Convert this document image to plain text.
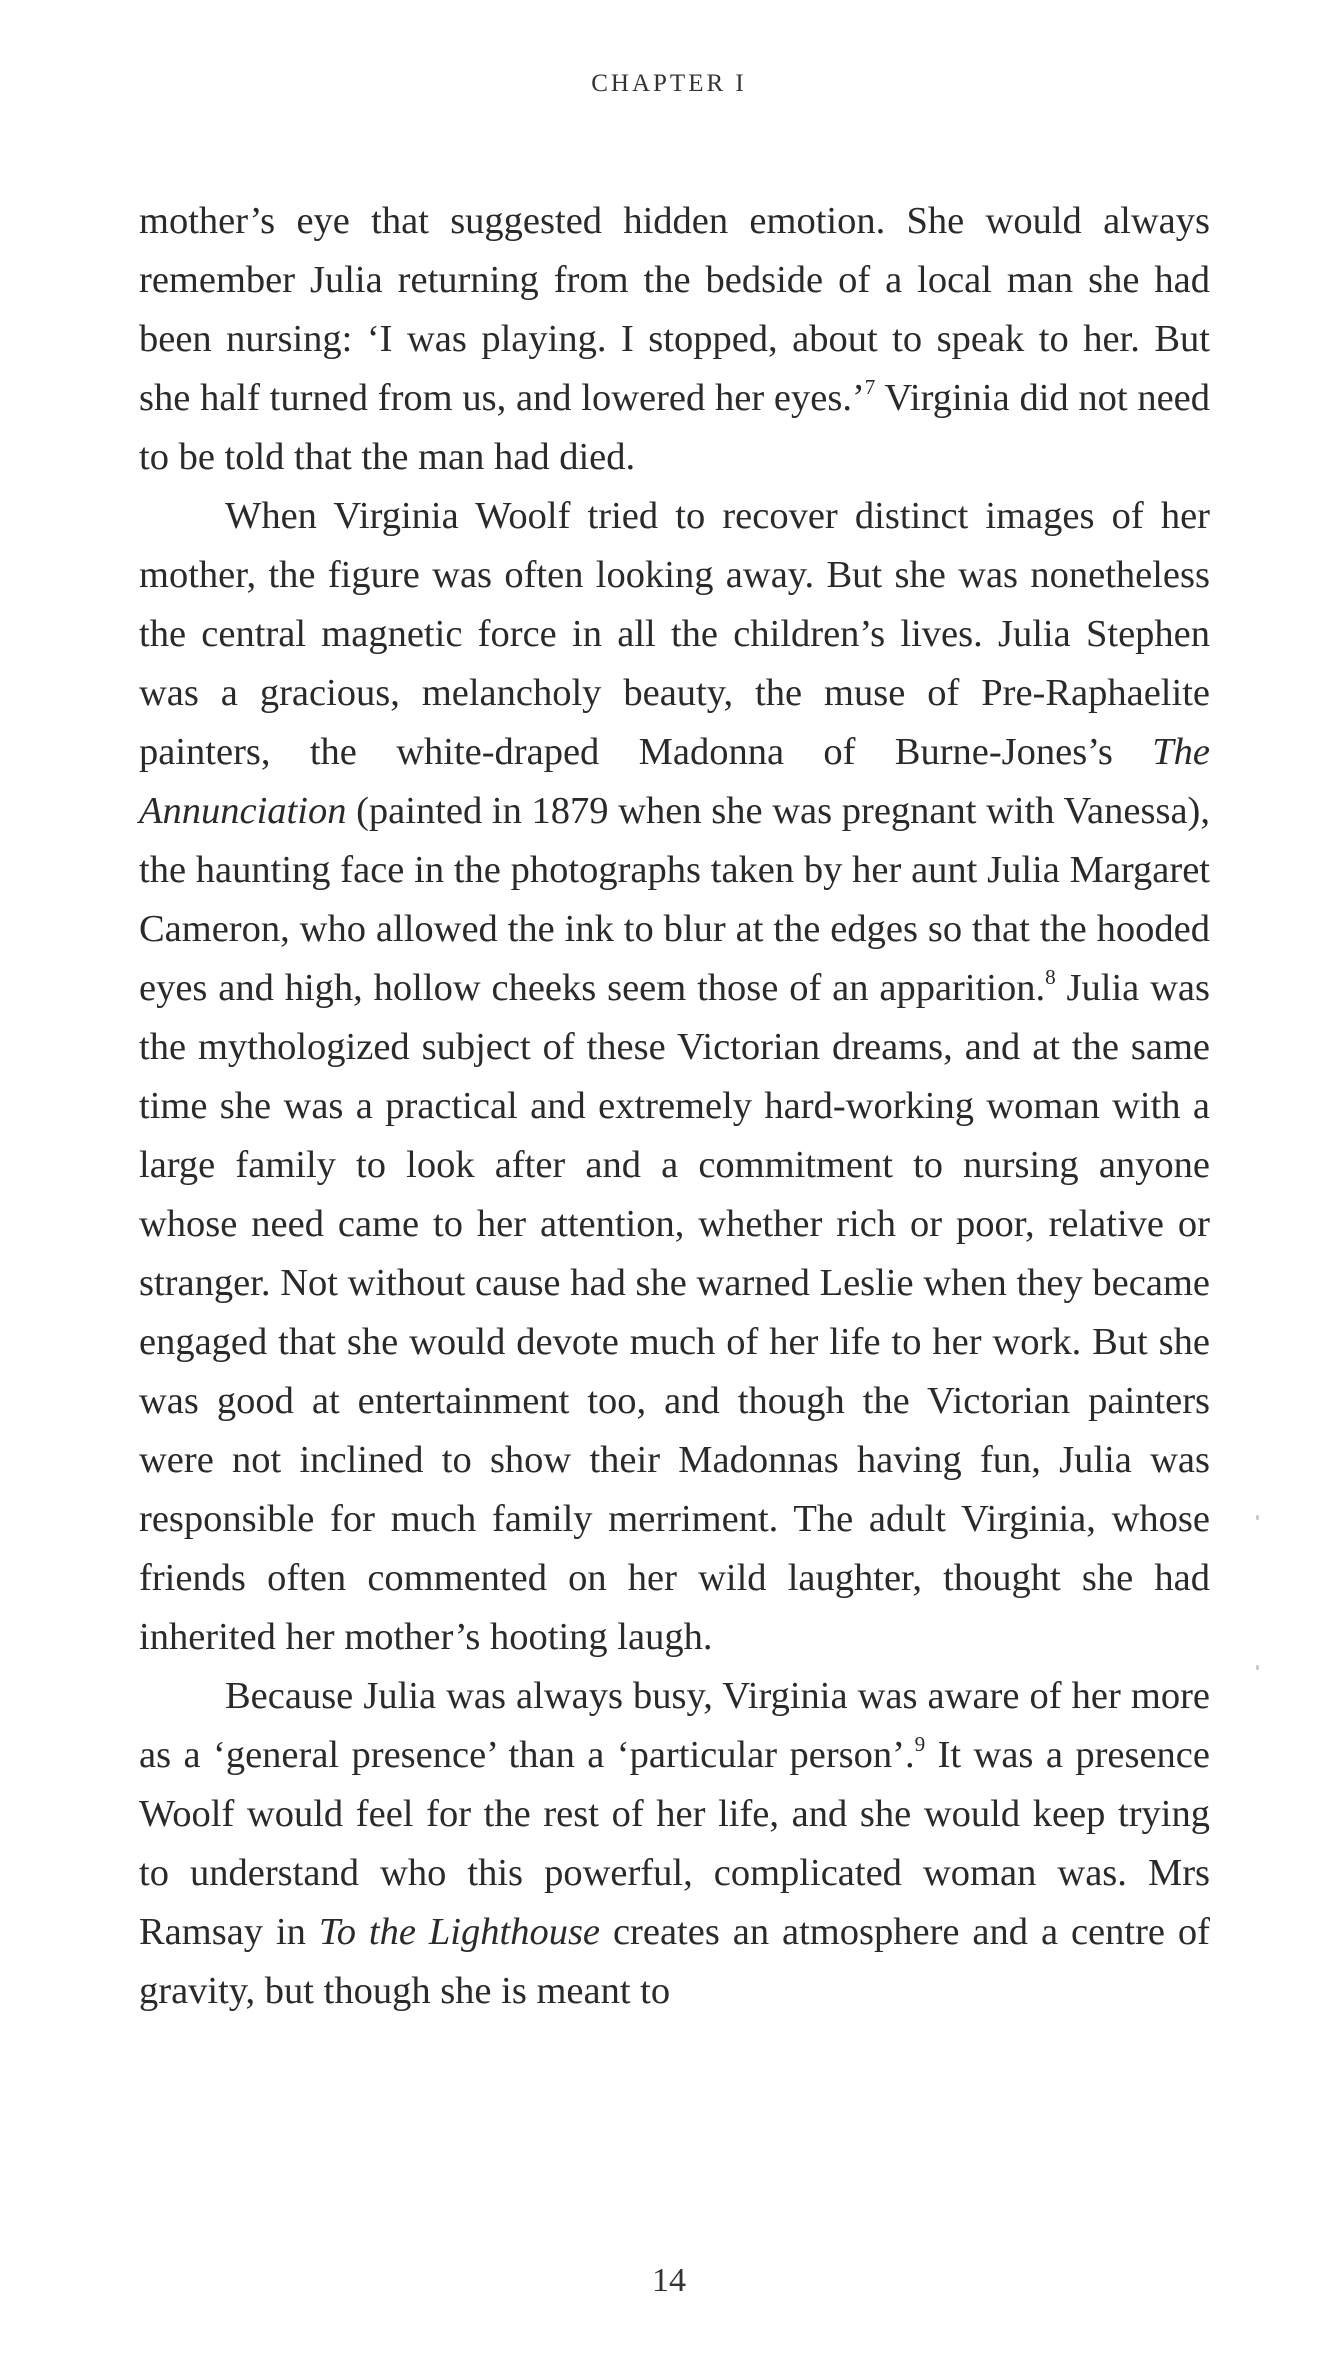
CHAPTER I

mother’s eye that suggested hidden emotion. She would always remember Julia returning from the bedside of a local man she had been nursing: ‘I was playing. I stopped, about to speak to her. But she half turned from us, and lowered her eyes.’$^7$ Virginia did not need to be told that the man had died.

When Virginia Woolf tried to recover distinct images of her mother, the figure was often looking away. But she was nonetheless the central magnetic force in all the children’s lives. Julia Stephen was a gracious, melancholy beauty, the muse of Pre-Raphaelite painters, the white-draped Madonna of Burne-Jones’s The Annunciation (painted in 1879 when she was pregnant with Vanessa), the haunting face in the photographs taken by her aunt Julia Margaret Cameron, who allowed the ink to blur at the edges so that the hooded eyes and high, hollow cheeks seem those of an apparition.$^8$ Julia was the mythologized subject of these Victorian dreams, and at the same time she was a practical and extremely hard-working woman with a large family to look after and a commitment to nursing anyone whose need came to her attention, whether rich or poor, relative or stranger. Not without cause had she warned Leslie when they became engaged that she would devote much of her life to her work. But she was good at entertainment too, and though the Victorian painters were not inclined to show their Madonnas having fun, Julia was responsible for much family merriment. The adult Virginia, whose friends often commented on her wild laughter, thought she had inherited her mother’s hooting laugh.

Because Julia was always busy, Virginia was aware of her more as a ‘general presence’ than a ‘particular person’.$^9$ It was a presence Woolf would feel for the rest of her life, and she would keep trying to understand who this powerful, complicated woman was. Mrs Ramsay in To the Lighthouse creates an atmosphere and a centre of gravity, but though she is meant to

14
